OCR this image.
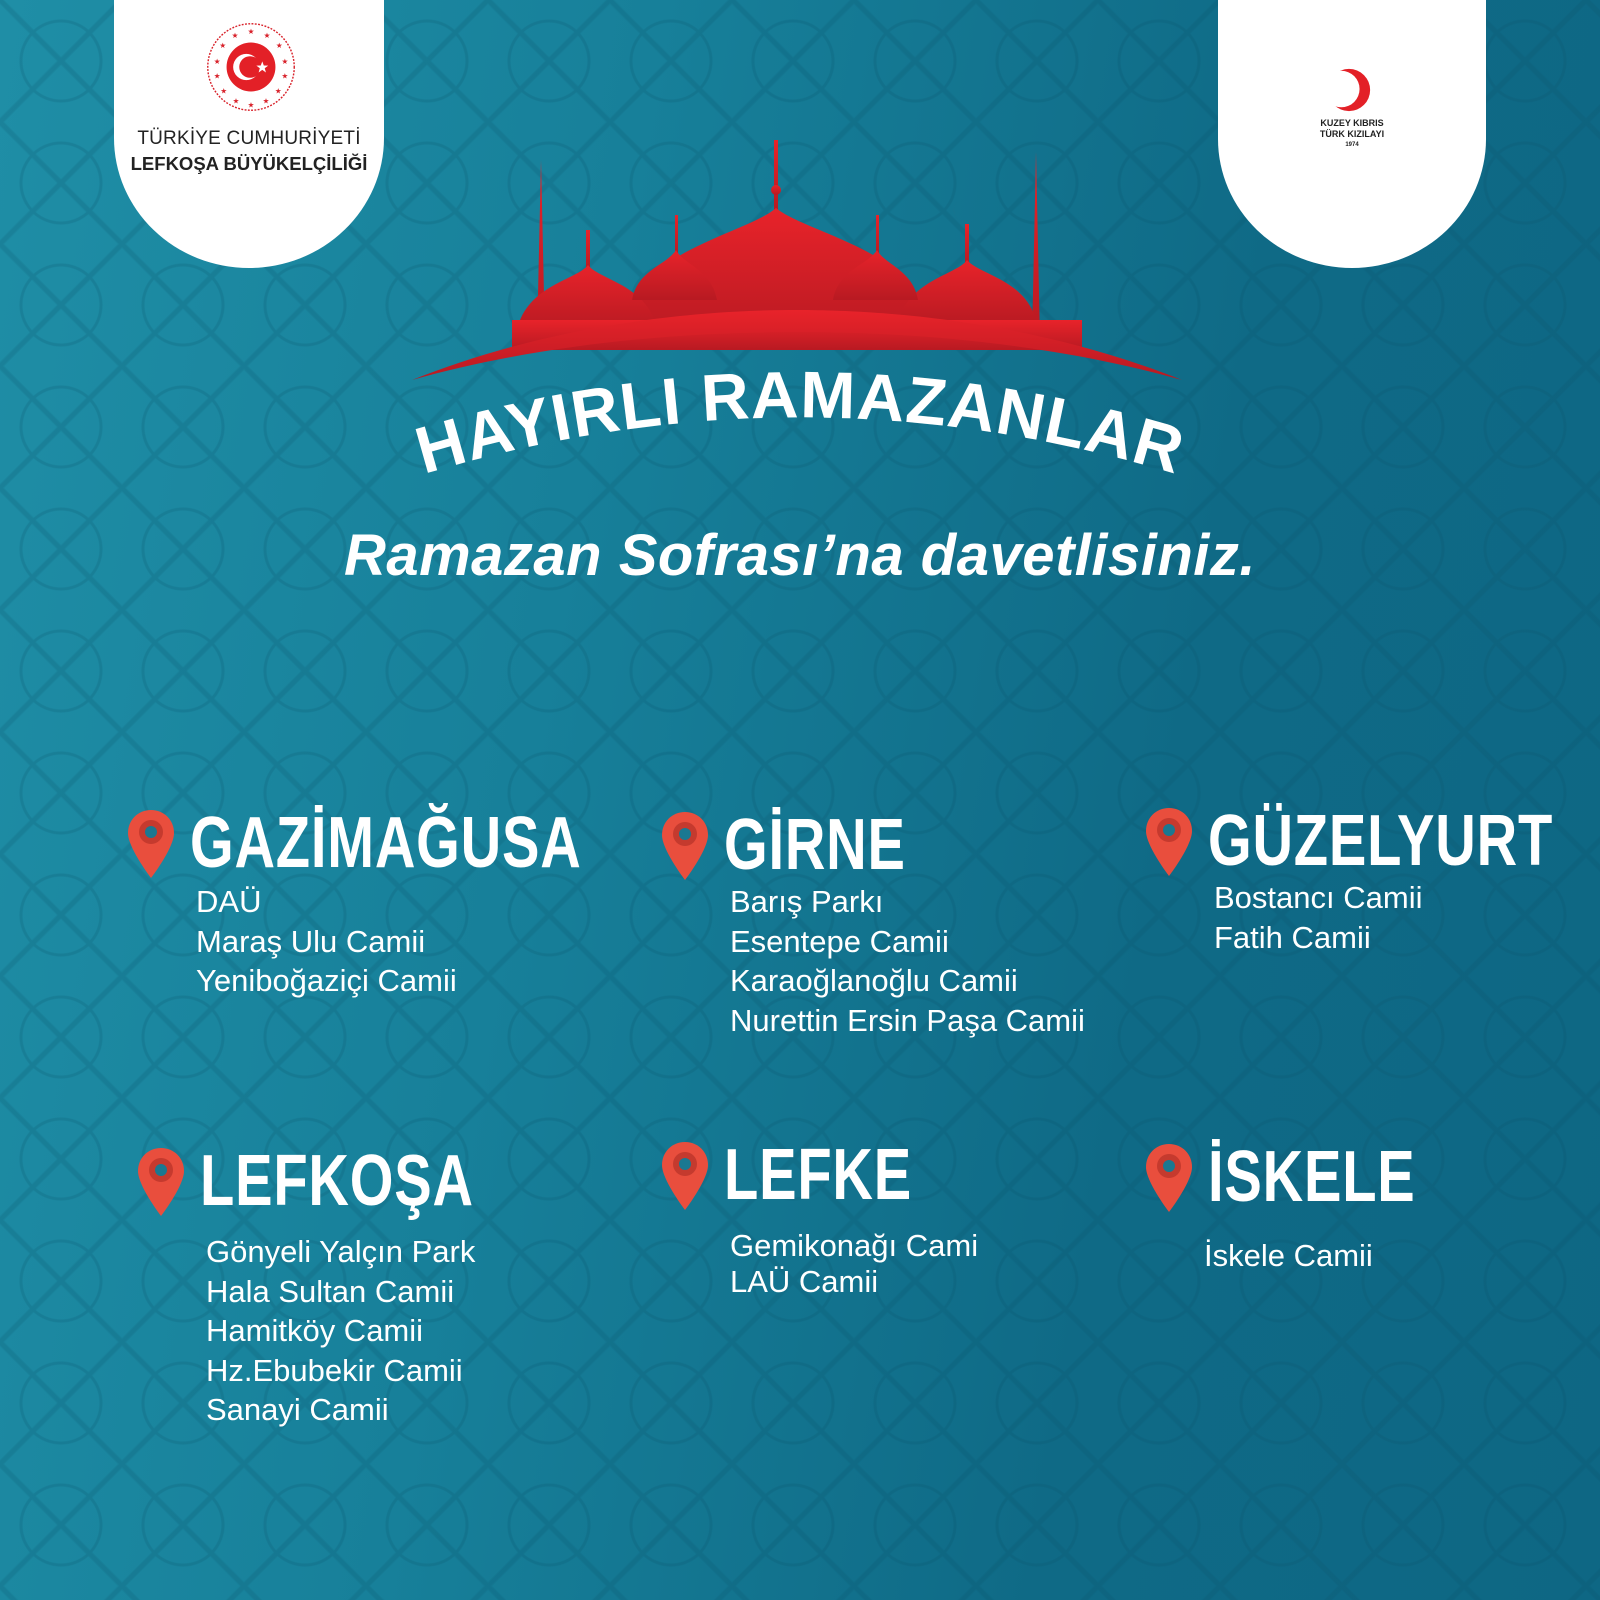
★ ★
★
★
★
★
★
★
★
★
★
★
★
★
TÜRKİYE CUMHURİYETİ
LEFKOŞA BÜYÜKELÇİLİĞİ
KUZEY KIBRIS
TÜRK KIZILAYI
1974
HAYIRLI RAMAZANLAR
Ramazan Sofrası’na davetlisiniz.
GAZİMAĞUSA
DAÜ
Maraş Ulu Camii
Yeniboğaziçi Camii
GİRNE
Barış Parkı
Esentepe Camii
Karaoğlanoğlu Camii
Nurettin Ersin Paşa Camii
GÜZELYURT
Bostancı Camii
Fatih Camii
LEFKOŞA
Gönyeli Yalçın Park
Hala Sultan Camii
Hamitköy Camii
Hz.Ebubekir Camii
Sanayi Camii
LEFKE
Gemikonağı Cami
LAÜ Camii
İSKELE
İskele Camii
